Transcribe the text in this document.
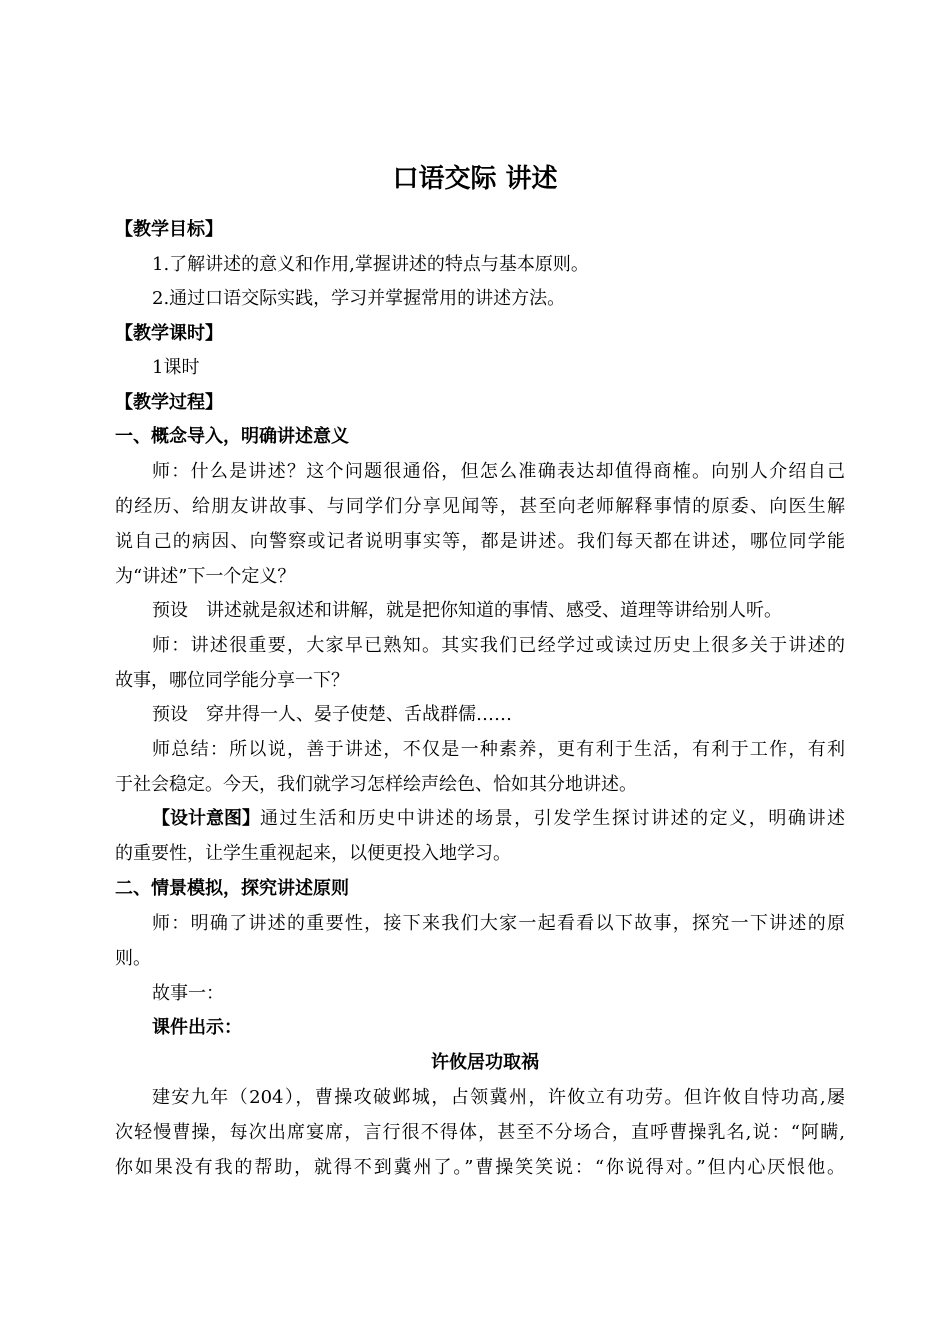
口语交际 讲述
【教学目标】
1.了解讲述的意义和作用,掌握讲述的特点与基本原则。
2.通过口语交际实践，学习并掌握常用的讲述方法。
【教学课时】
1课时
【教学过程】
一、概念导入，明确讲述意义
师：什么是讲述？这个问题很通俗，但怎么准确表达却值得商榷。向别人介绍自己
的经历、给朋友讲故事、与同学们分享见闻等，甚至向老师解释事情的原委、向医生解
说自己的病因、向警察或记者说明事实等，都是讲述。我们每天都在讲述，哪位同学能
为“讲述”下一个定义？
预设　讲述就是叙述和讲解，就是把你知道的事情、感受、道理等讲给别人听。
师：讲述很重要，大家早已熟知。其实我们已经学过或读过历史上很多关于讲述的
故事，哪位同学能分享一下？
预设　穿井得一人、晏子使楚、舌战群儒……
师总结：所以说，善于讲述，不仅是一种素养，更有利于生活，有利于工作，有利
于社会稳定。今天，我们就学习怎样绘声绘色、恰如其分地讲述。
【设计意图】 通过生活和历史中讲述的场景，引发学生探讨讲述的定义，明确讲述
的重要性，让学生重视起来，以便更投入地学习。
二、情景模拟，探究讲述原则
师：明确了讲述的重要性，接下来我们大家一起看看以下故事，探究一下讲述的原
则。
故事一：
课件出示：
许攸居功取祸
建安九年（204），曹操攻破邺城，占领冀州，许攸立有功劳。但许攸自恃功高,屡
次轻慢曹操，每次出席宴席，言行很不得体，甚至不分场合，直呼曹操乳名,说：“阿瞒,
你如果没有我的帮助，就得不到冀州了。”曹操笑笑说：“你说得对。”但内心厌恨他。
